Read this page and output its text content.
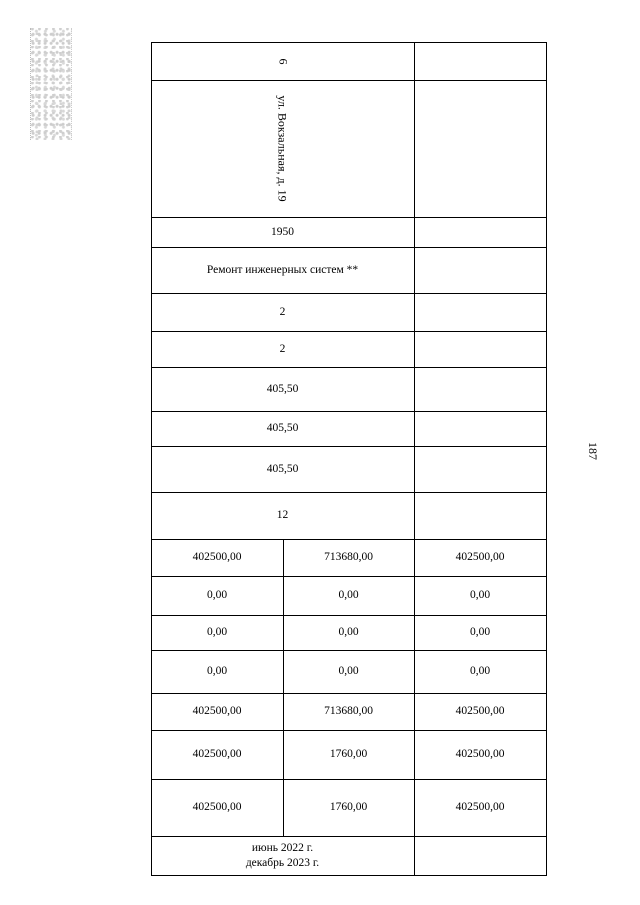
187
6
ул. Вокзальная, д. 19
1950
Ремонт инженерных систем **
2
2
405,50
405,50
405,50
12
402500,00	713680,00	402500,00
0,00	0,00	0,00
0,00	0,00	0,00
0,00	0,00	0,00
402500,00	713680,00	402500,00
402500,00	1760,00	402500,00
402500,00	1760,00	402500,00
июнь 2022 г.
декабрь 2023 г.
